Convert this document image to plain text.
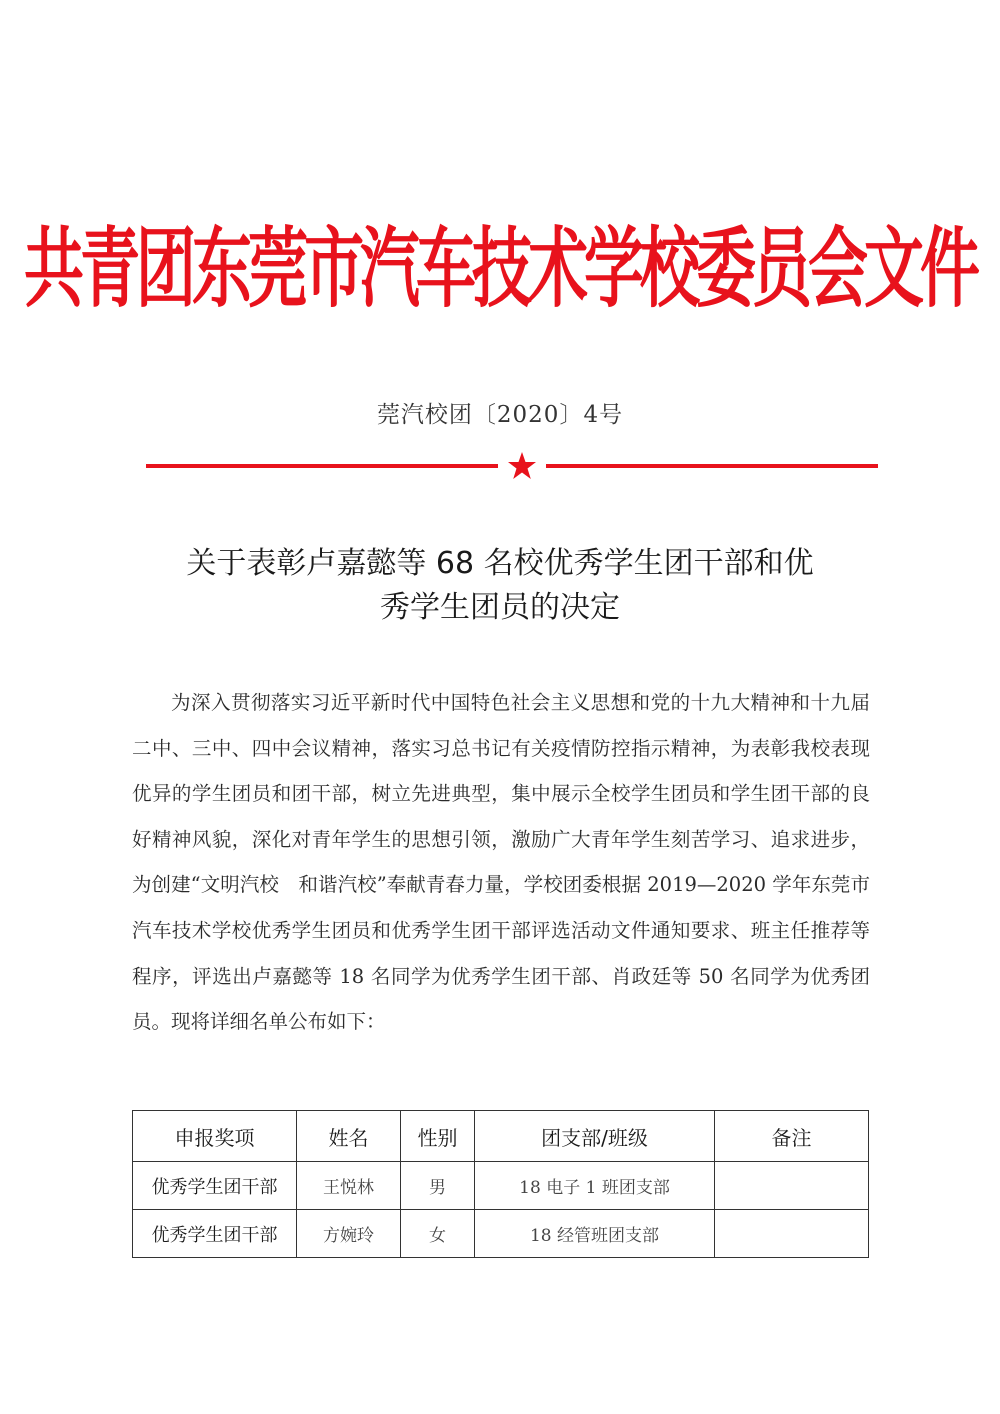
共青团东莞市汽车技术学校委员会文件
莞汽校团〔2020〕4号
关于表彰卢嘉懿等 68 名校优秀学生团干部和优
秀学生团员的决定
为深入贯彻落实习近平新时代中国特色社会主义思想和党的十九大精神和十九届二中、三中、四中会议精神，落实习总书记有关疫情防控指示精神，为表彰我校表现优异的学生团员和团干部，树立先进典型，集中展示全校学生团员和学生团干部的良好精神风貌，深化对青年学生的思想引领，激励广大青年学生刻苦学习、追求进步，为创建“文明汽校　和谐汽校”奉献青春力量，学校团委根据 2019—2020 学年东莞市汽车技术学校优秀学生团员和优秀学生团干部评选活动文件通知要求、班主任推荐等程序，评选出卢嘉懿等 18 名同学为优秀学生团干部、肖政廷等 50 名同学为优秀团员。现将详细名单公布如下：
申报奖项	姓名	性别	团支部/班级	备注
优秀学生团干部	王悦林	男	18 电子 1 班团支部	
优秀学生团干部	方婉玲	女	18 经管班团支部	
